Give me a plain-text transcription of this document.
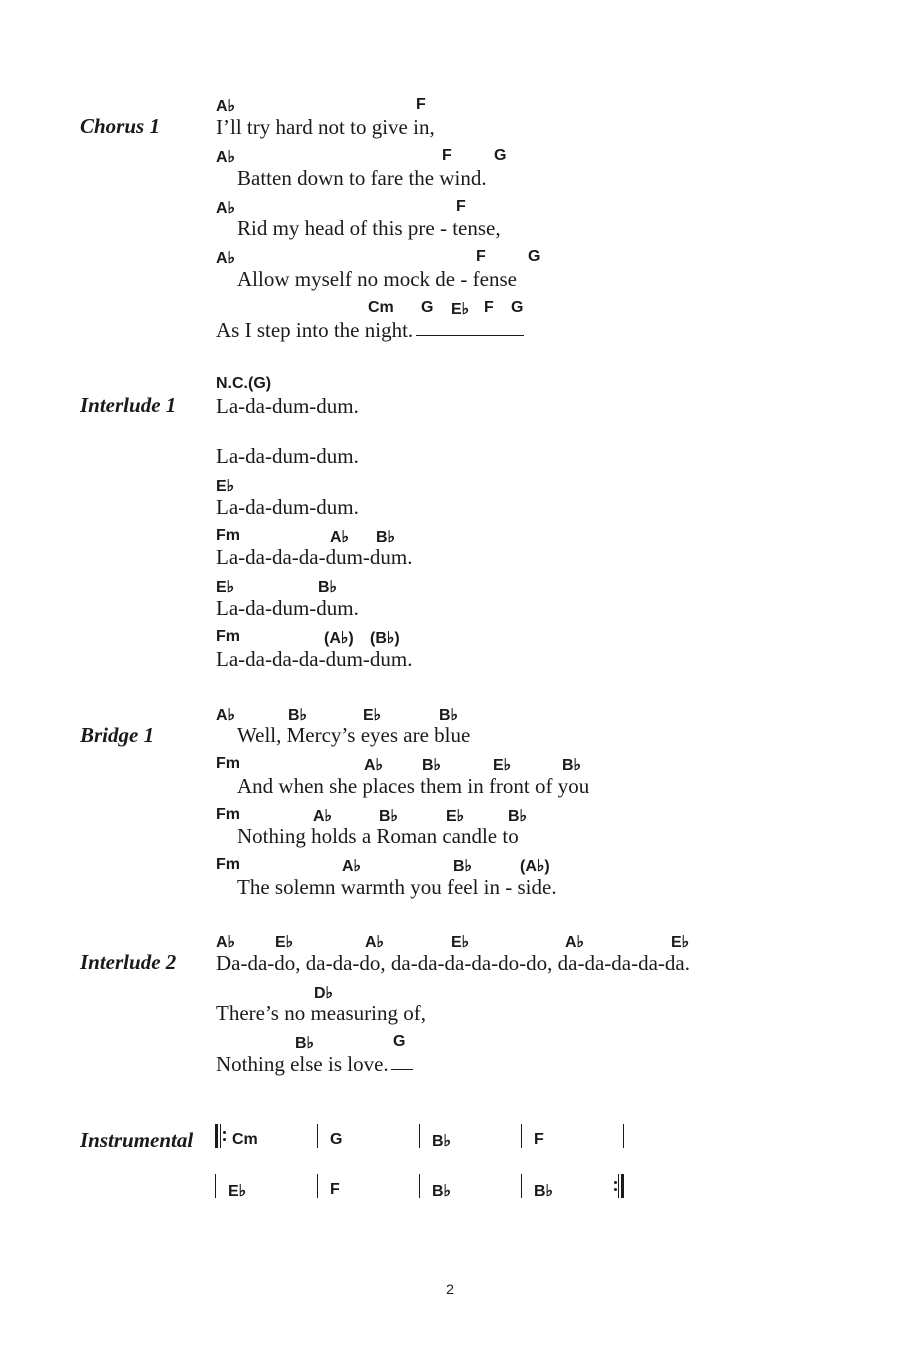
Chorus 1
A♭	F
I’ll try hard not to give in,
A♭	F	G
Batten down to fare the wind.
A♭	F
Rid my head of this pre - tense,
A♭	F	G
Allow myself no mock de - fense
Cm G E♭ F G
As I step into the night.
Interlude 1
N.C.(G)
La-da-dum-dum.
La-da-dum-dum.
E♭
La-da-dum-dum.
Fm	A♭ B♭
La-da-da-da-dum-dum.
E♭	B♭
La-da-dum-dum.
Fm	(A♭) (B♭)
La-da-da-da-dum-dum.
Bridge 1
A♭	B♭	E♭	B♭
Well, Mercy’s eyes are blue
Fm	A♭ B♭	E♭	B♭
And when she places them in front of you
Fm	A♭	B♭	E♭	B♭
Nothing holds a Roman candle to
Fm	A♭	B♭	(A♭)
The solemn warmth you feel in - side.
Interlude 2
A♭ E♭	A♭	E♭	A♭	E♭
Da-da-do, da-da-do, da-da-da-da-do-do, da-da-da-da-da.
D♭
There’s no measuring of,
B♭	G
Nothing else is love.
Instrumental Cm	G	B♭	F
E♭	F	B♭	B♭
2
